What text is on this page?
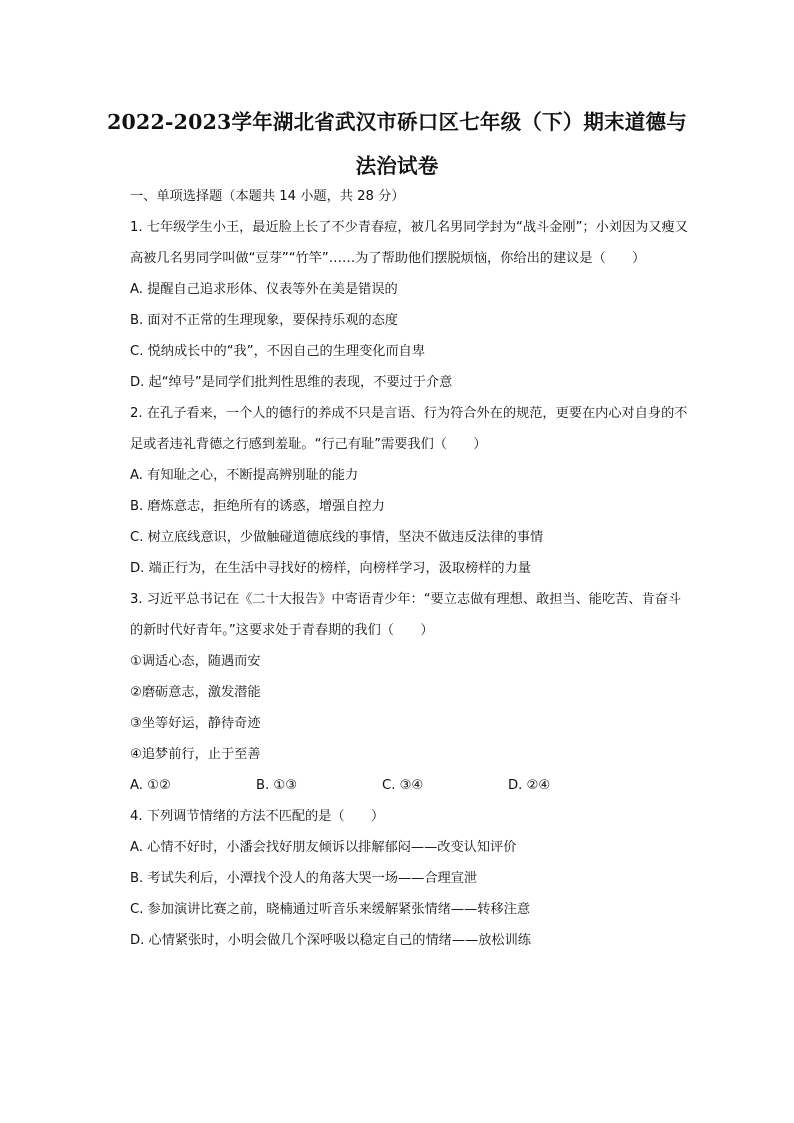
2022-2023学年湖北省武汉市硚口区七年级（下）期末道德与法治试卷
一、单项选择题（本题共 14 小题，共 28 分）
1. 七年级学生小王，最近脸上长了不少青春痘，被几名男同学封为“战斗金刚”；小刘因为又瘦又高被几名男同学叫做“豆芽”“竹竿”……为了帮助他们摆脱烦恼，你给出的建议是（　　）
A. 提醒自己追求形体、仪表等外在美是错误的
B. 面对不正常的生理现象，要保持乐观的态度
C. 悦纳成长中的“我”，不因自己的生理变化而自卑
D. 起“绰号”是同学们批判性思维的表现，不要过于介意
2. 在孔子看来，一个人的德行的养成不只是言语、行为符合外在的规范，更要在内心对自身的不足或者违礼背德之行感到羞耻。“行己有耻”需要我们（　　）
A. 有知耻之心，不断提高辨别耻的能力
B. 磨炼意志，拒绝所有的诱惑，增强自控力
C. 树立底线意识，少做触碰道德底线的事情，坚决不做违反法律的事情
D. 端正行为，在生活中寻找好的榜样，向榜样学习，汲取榜样的力量
3. 习近平总书记在《二十大报告》中寄语青少年：“要立志做有理想、敢担当、能吃苦、肯奋斗的新时代好青年。”这要求处于青春期的我们（　　）
①调适心态，随遇而安
②磨砺意志，激发潜能
③坐等好运，静待奇迹
④追梦前行，止于至善
A. ①②	B. ①③	C. ③④	D. ②④
4. 下列调节情绪的方法不匹配的是（　　）
A. 心情不好时，小潘会找好朋友倾诉以排解郁闷——改变认知评价
B. 考试失利后，小潭找个没人的角落大哭一场——合理宣泄
C. 参加演讲比赛之前，晓楠通过听音乐来缓解紧张情绪——转移注意
D. 心情紧张时，小明会做几个深呼吸以稳定自己的情绪——放松训练
